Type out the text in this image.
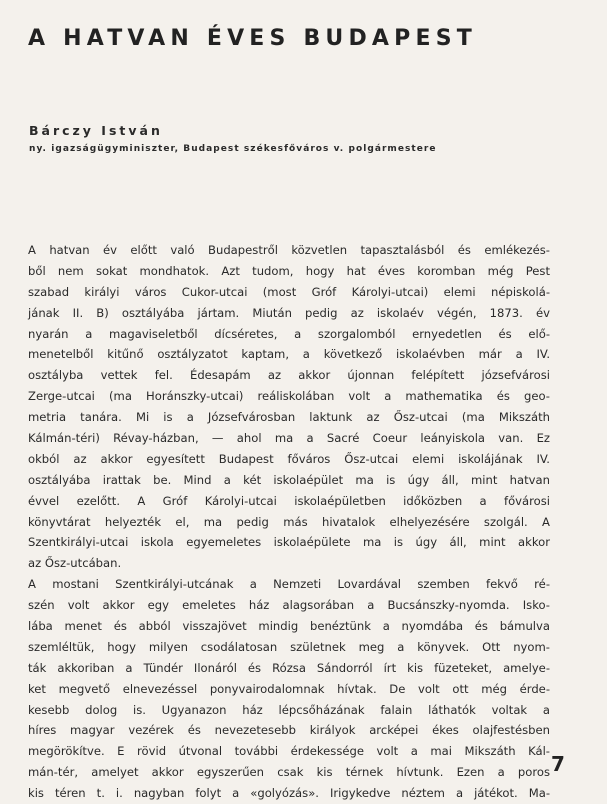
A HATVAN ÉVES BUDAPEST
Bárczy István
ny. igazságügyminiszter, Budapest székesfőváros v. polgármestere
A hatvan év előtt való Budapestről közvetlen tapasztalásból és emlékezés-
ből nem sokat mondhatok. Azt tudom, hogy hat éves koromban még Pest
szabad királyi város Cukor-utcai (most Gróf Károlyi-utcai) elemi népiskolá-
jának II. B) osztályába jártam. Miután pedig az iskolaév végén, 1873. év
nyarán a magaviseletből dícséretes, a szorgalomból ernyedetlen és elő-
menetelből kitűnő osztályzatot kaptam, a következő iskolaévben már a IV.
osztályba vettek fel. Édesapám az akkor újonnan felépített józsefvárosi
Zerge-utcai (ma Horánszky-utcai) reáliskolában volt a mathematika és geo-
metria tanára. Mi is a Józsefvárosban laktunk az Ősz-utcai (ma Mikszáth
Kálmán-téri) Révay-házban, — ahol ma a Sacré Coeur leányiskola van. Ez
okból az akkor egyesített Budapest főváros Ősz-utcai elemi iskolájának IV.
osztályába irattak be. Mind a két iskolaépület ma is úgy áll, mint hatvan
évvel ezelőtt. A Gróf Károlyi-utcai iskolaépületben időközben a fővárosi
könyvtárat helyezték el, ma pedig más hivatalok elhelyezésére szolgál. A
Szentkirályi-utcai iskola egyemeletes iskolaépülete ma is úgy áll, mint akkor
az Ősz-utcában.
A mostani Szentkirályi-utcának a Nemzeti Lovardával szemben fekvő ré-
szén volt akkor egy emeletes ház alagsorában a Bucsánszky-nyomda. Isko-
lába menet és abból visszajövet mindig benéztünk a nyomdába és bámulva
szemléltük, hogy milyen csodálatosan születnek meg a könyvek. Ott nyom-
ták akkoriban a Tündér Ilonáról és Rózsa Sándorról írt kis füzeteket, amelye-
ket megvető elnevezéssel ponyvairodalomnak hívtak. De volt ott még érde-
kesebb dolog is. Ugyanazon ház lépcsőházának falain láthatók voltak a
híres magyar vezérek és nevezetesebb királyok arcképei ékes olajfestésben
megörökítve. E rövid útvonal további érdekessége volt a mai Mikszáth Kál-
mán-tér, amelyet akkor egyszerűen csak kis térnek hívtunk. Ezen a poros
kis téren t. i. nagyban folyt a «golyózás». Irigykedve néztem a játékot. Ma-
7
